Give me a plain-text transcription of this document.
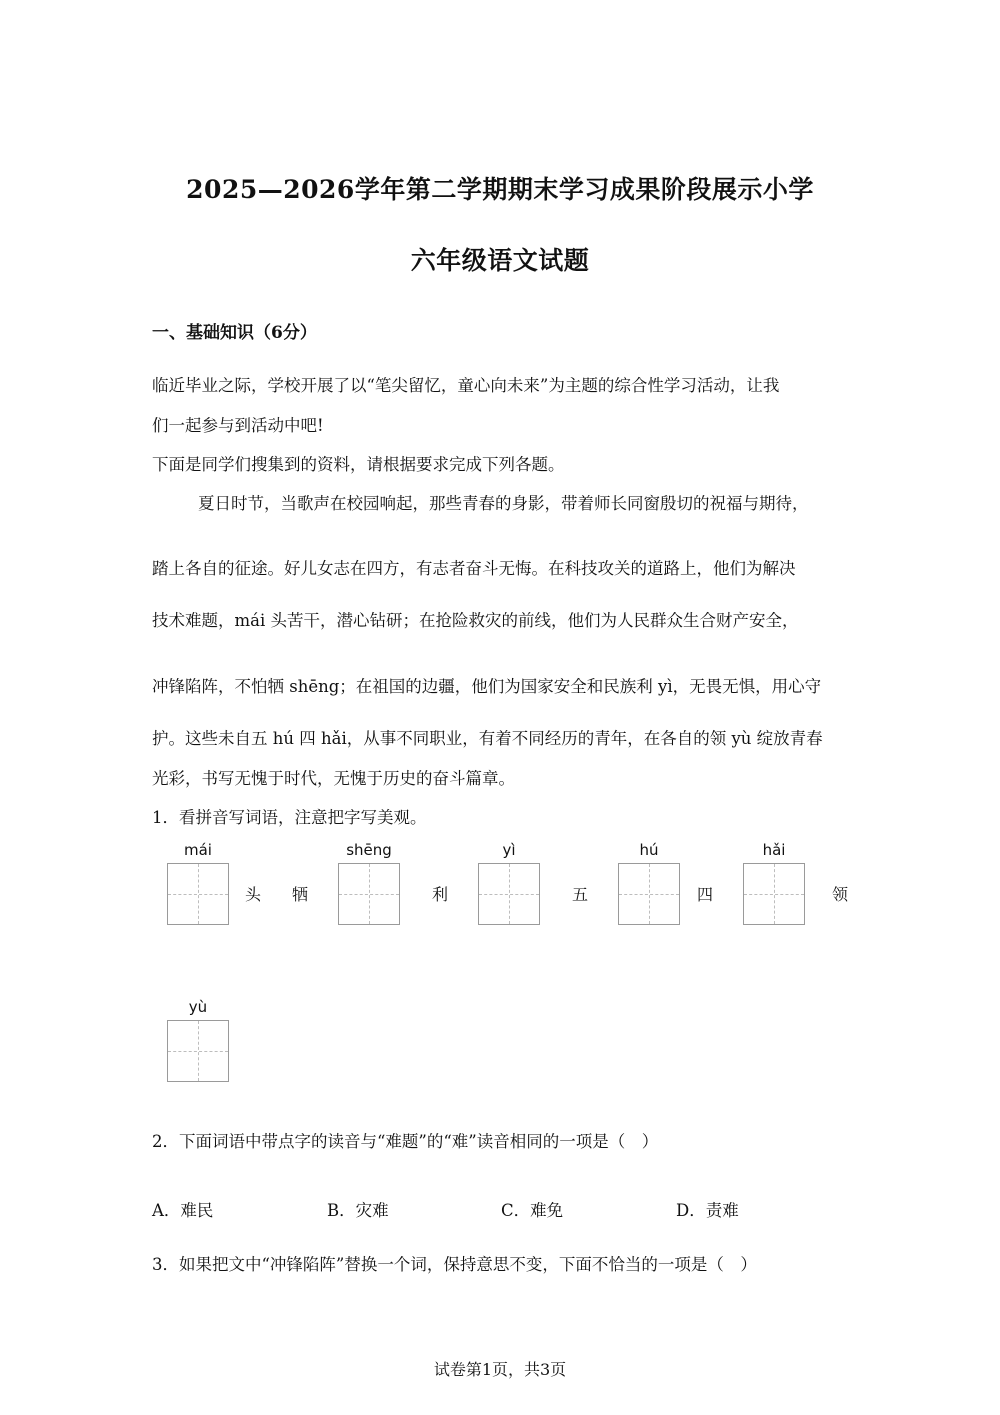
2025—2026学年第二学期期末学习成果阶段展示小学
六年级语文试题
一、基础知识（6分）
临近毕业之际，学校开展了以“笔尖留忆，童心向未来”为主题的综合性学习活动，让我
们一起参与到活动中吧!
下面是同学们搜集到的资料，请根据要求完成下列各题。
夏日时节，当歌声在校园响起，那些青春的身影，带着师长同窗殷切的祝福与期待，
踏上各自的征途。好儿女志在四方，有志者奋斗无悔。在科技攻关的道路上，他们为解决
技术难题，mái 头苦干，潜心钻研；在抢险救灾的前线，他们为人民群众生合财产安全，
冲锋陷阵，不怕牺 shēng；在祖国的边疆，他们为国家安全和民族利 yì，无畏无惧，用心守
护。这些未自五 hú 四 hǎi，从事不同职业，有着不同经历的青年，在各自的领 yù 绽放青春
光彩，书写无愧于时代，无愧于历史的奋斗篇章。
1．看拼音写词语，注意把字写美观。
mái	shēng	yì	hú	hǎi
yù
头 牺	利	五	四	领
2．下面词语中带点字的读音与“难题”的“难”读音相同的一项是（　）
A．难民	B．灾难	C．难免	D．责难
3．如果把文中“冲锋陷阵”替换一个词，保持意思不变，下面不恰当的一项是（　）
试卷第1页，共3页
